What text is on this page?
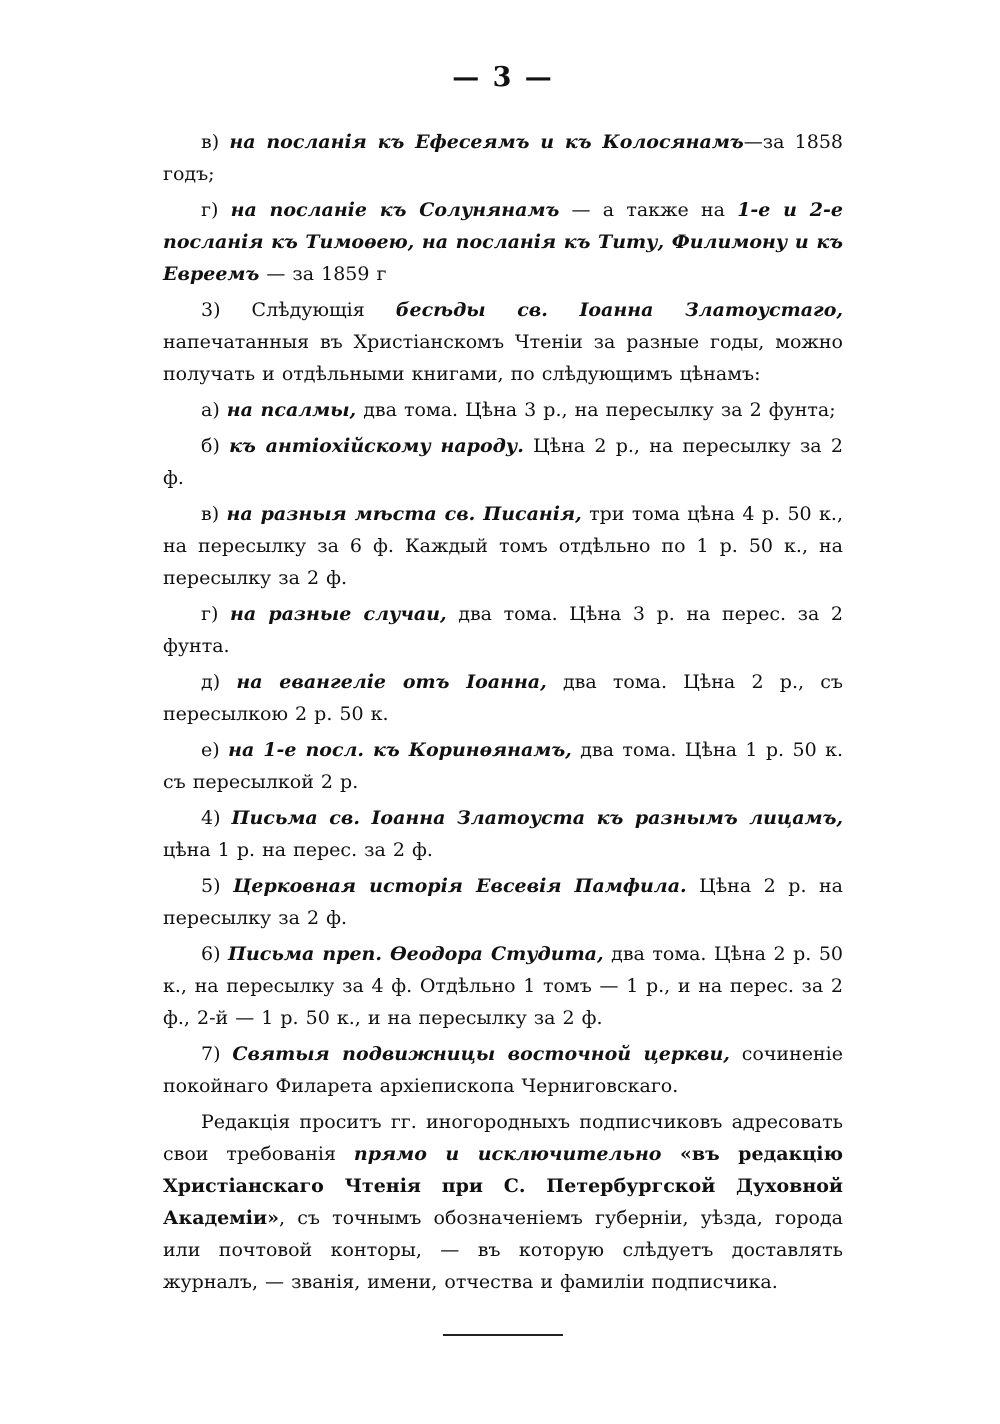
— 3 —

в) на посланія къ Ефесеямъ и къ Колосянамъ—за 1858 годъ;

г) на посланіе къ Солунянамъ — а также на 1-е и 2-е посланія къ Тимоѳею, на посланія къ Титу, Филимону и къ Евреемъ — за 1859 г

3) Слѣдующія бесѣды св. Іоанна Златоустаго, напечатанныя въ Христіанскомъ Чтеніи за разные годы, можно получать и отдѣльными книгами, по слѣдующимъ цѣнамъ:

а) на псалмы, два тома. Цѣна 3 р., на пересылку за 2 фунта;

б) къ антіохійскому народу. Цѣна 2 р., на пересылку за 2 ф.

в) на разныя мѣста св. Писанія, три тома цѣна 4 р. 50 к., на пересылку за 6 ф. Каждый томъ отдѣльно по 1 р. 50 к., на пересылку за 2 ф.

г) на разные случаи, два тома. Цѣна 3 р. на перес. за 2 фунта.

д) на евангеліе отъ Іоанна, два тома. Цѣна 2 р., съ пересылкою 2 р. 50 к.

е) на 1-е посл. къ Коринѳянамъ, два тома. Цѣна 1 р. 50 к. съ пересылкой 2 р.

4) Письма св. Іоанна Златоуста къ разнымъ лицамъ, цѣна 1 р. на перес. за 2 ф.

5) Церковная исторія Евсевія Памфила. Цѣна 2 р. на пересылку за 2 ф.

6) Письма преп. Ѳеодора Студита, два тома. Цѣна 2 р. 50 к., на пересылку за 4 ф. Отдѣльно 1 томъ — 1 р., и на перес. за 2 ф., 2-й — 1 р. 50 к., и на пересылку за 2 ф.

7) Святыя подвижницы восточной церкви, сочиненіе покойнаго Филарета архіепископа Черниговскаго.

Редакція проситъ гг. иногородныхъ подписчиковъ адресовать свои требованія прямо и исключительно «въ редакцію Христіанскаго Чтенія при С. Петербургской Духовной Академіи», съ точнымъ обозначеніемъ губерніи, уѣзда, города или почтовой конторы, — въ которую слѣдуетъ доставлять журналъ, — званія, имени, отчества и фамиліи подписчика.
